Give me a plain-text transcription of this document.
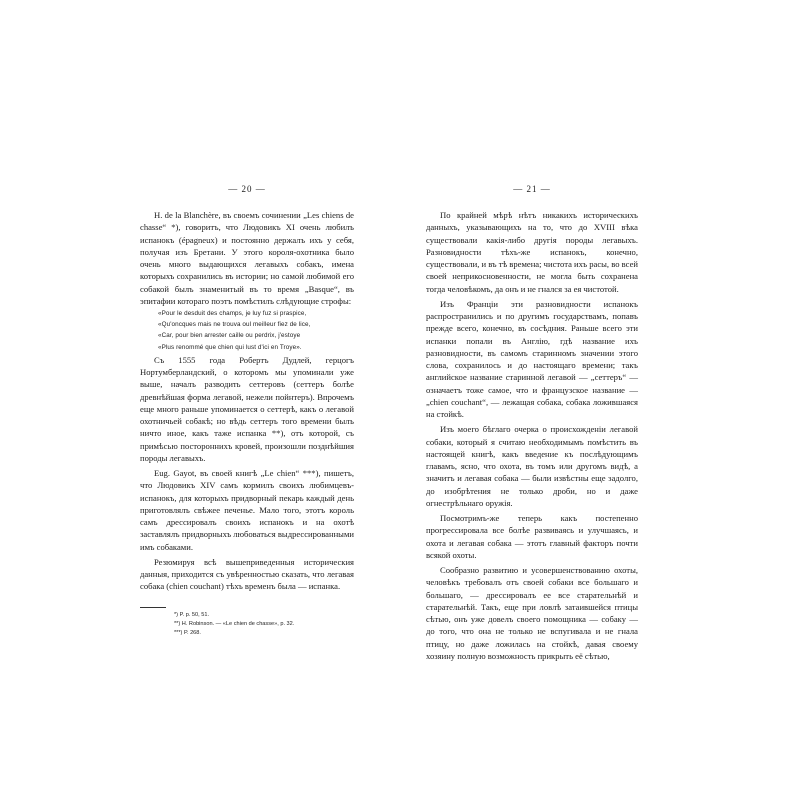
— 20 —

H. de la Blanchère, въ своемъ сочинении „Les chiens de chasse“ *), говоритъ, что Людовикъ XI очень любилъ испанокъ (épagneux) и постоянно держалъ ихъ у себя, получая изъ Бретани. У этого короля-охотника было очень много выдающихся легавыхъ собакъ, имена которыхъ сохранились въ истории; но самой любимой его собакой былъ знаменитый въ то время „Basque“, въ эпитафии котораго поэтъ помѣстилъ слѣдующие строфы:

«Pour le desduit des champs, je luy fuz si praspice,
«Qu'oncques mais ne trouva oul meilleur fiez de lice,
«Car, pour bien arrester caille ou perdrix, j'estoye
«Plus renommé que chien qui lust d'ici en Troye».

Съ 1555 года Робертъ Дудлей, герцогъ Нортумберландский, о которомъ мы упоминали уже выше, началъ разводить сеттеровъ (сеттеръ болѣе древнѣйшая форма легавой, нежели пойнтеръ). Впрочемъ еще много раньше упоминается о сеттерѣ, какъ о легавой охотничьей собакѣ; но вѣдь сеттеръ того времени былъ ничто иное, какъ таже испанка **), отъ которой, съ примѣсью посторонниxъ кровей, произошли позднѣйшия породы легавыхъ.

Eug. Gayot, въ своей книгѣ „Le chien“ ***), пишетъ, что Людовикъ XIV самъ кормилъ своихъ любимцевъ-испанокъ, для которыхъ придворный пекарь каждый день приготовлялъ свѣжее печенье. Мало того, этотъ король самъ дрессировалъ своихъ испанокъ и на охотѣ заставлялъ придворныхъ любоваться выдрессированными имъ собаками.

Резюмируя всѣ вышеприведенныя историческия данныя, приходится съ увѣренностью сказать, что легавая собака (chien couchant) тѣхъ временъ была — испанка.

*) P. p. 50, 51.
**) H. Robinson. — «Le chien de chasse», p. 32.
***) P. 268.
— 21 —

По крайней мѣрѣ нѣтъ никакихъ историческихъ данныхъ, указывающихъ на то, что до XVIII вѣка существовали какія-либо другія породы легавыхъ. Разновидности тѣхъ-же испанокъ, конечно, существовали, и въ тѣ времена; чистота ихъ расы, во всей своей неприкосновенности, не могла быть сохранена тогда человѣкомъ, да онъ и не гнался за ея чистотой.

Изъ Франціи эти разновидности испанокъ распространились и по другимъ государствамъ, попавъ прежде всего, конечно, въ сосѣдния. Раньше всего эти испанки попали въ Англію, гдѣ название ихъ разновидности, въ самомъ старинномъ значении этого слова, сохранилось и до настоящаго времени; такъ английское название старинной легавой — „сеттеръ“ — означаетъ тоже самое, что и французское название — „chien couchant“, — лежащая собака, собака ложившаяся на стойкѣ.

Изъ моего бѣглаго очерка о происхожденіи легавой собаки, который я считаю необходимымъ помѣстить въ настоящей книгѣ, какъ введение къ послѣдующимъ главамъ, ясно, что охота, въ томъ или другомъ видѣ, а значитъ и легавая собака — были извѣстны еще задолго, до изобрѣтения не только дроби, но и даже огнестрѣльнаго оружія.

Посмотримъ-же теперь какъ постепенно прогрессировала все болѣе развиваясь и улучшаясь, и охота и легавая собака — этотъ главный факторъ почти всякой охоты.

Сообразно развитию и усовершенствованию охоты, человѣкъ требовалъ отъ своей собаки все большаго и большаго, — дрессировалъ ее все старательнѣй и старательнѣй. Такъ, еще при ловлѣ затаившейся птицы сѣтью, онъ уже довелъ своего помощника — собаку — до того, что она не только не вспугивала и не гнала птицу, но даже ложилась на стойкѣ, давая своему хозяину полную возможность прикрыть её сѣтью,
